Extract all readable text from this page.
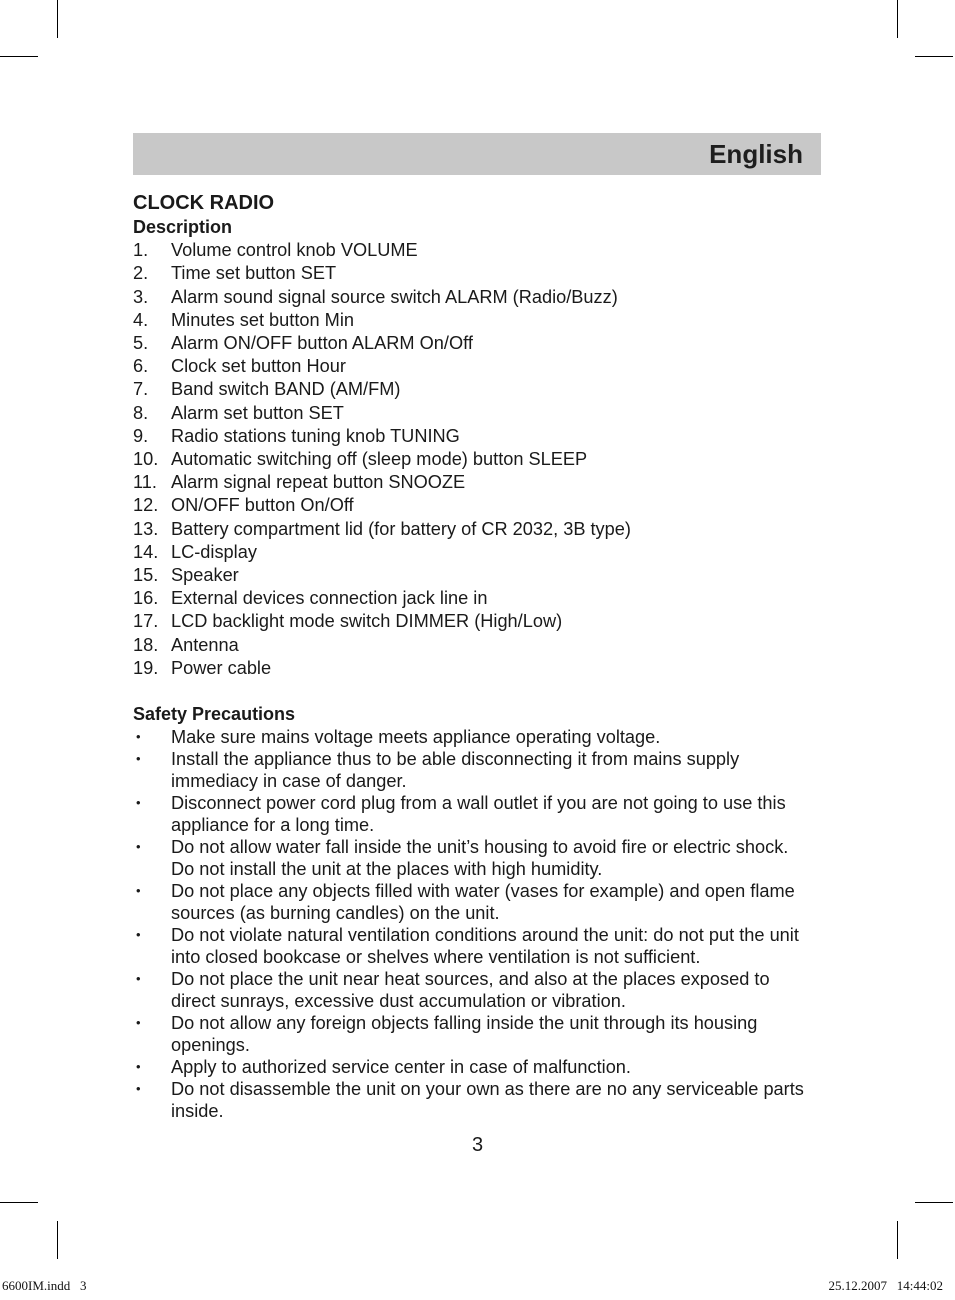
English
CLOCK RADIO
Description
1.	Volume control knob VOLUME
2.	Time set button SET
3.	Alarm sound signal source switch ALARM (Radio/Buzz)
4.	Minutes set button Min
5.	Alarm ON/OFF button ALARM On/Off
6.	Clock set button Hour
7.	Band switch BAND (AM/FM)
8.	Alarm set button SET
9.	Radio stations tuning knob TUNING
10. Automatic switching off (sleep mode) button SLEEP
11. Alarm signal repeat button SNOOZE
12. ON/OFF button On/Off
13. Battery compartment lid (for battery of CR 2032, 3B type)
14. LC-display
15. Speaker
16. External devices connection jack line in
17. LCD backlight mode switch DIMMER (High/Low)
18. Antenna
19. Power cable
Safety Precautions
•	Make sure mains voltage meets appliance operating voltage.
•	Install the appliance thus to be able disconnecting it from mains supply immediacy in case of danger.
•	Disconnect power cord plug from a wall outlet if you are not going to use this appliance for a long time.
•	Do not allow water fall inside the unit’s housing to avoid fire or electric shock. Do not install the unit at the places with high humidity.
•	Do not place any objects filled with water (vases for example) and open flame sources (as burning candles) on the unit.
•	Do not violate natural ventilation conditions around the unit: do not put the unit into closed bookcase or shelves where ventilation is not sufficient.
•	Do not place the unit near heat sources, and also at the places exposed to direct sunrays, excessive dust accumulation or vibration.
•	Do not allow any foreign objects falling inside the unit through its housing openings.
•	Apply to authorized service center in case of malfunction.
•	Do not disassemble the unit on your own as there are no any serviceable parts inside.
3
6600IM.indd   3	25.12.2007   14:44:02
